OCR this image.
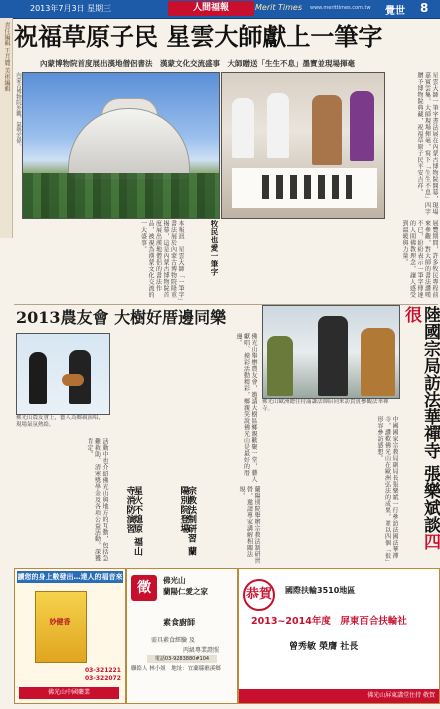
2013年7月3日 星期三	人間福報	Merit Times www.merittimes.com.tw 覺世 8
責任編輯 王月麗 美術編輯 祝福草原子民 星雲大師獻上一筆字
內蒙博物院首度展出漢地僧侶書法　漢蒙文化交流盛事　大師贈送「生生不息」墨寶並現場揮毫
內蒙古博物院外觀，氣勢宏偉。	星雲大師一筆字書法展在內蒙古博物院開幕，現場嘉賓雲集，大師現場揮毫，寫下「生生不息」四字贈予博物院典藏，祝福草原子民平安吉祥。
本報訊　星雲大師「一筆字」書法展於內蒙古博物院隆重揭幕，這是內蒙古博物院首度展出漢地僧侶的書法作品，被視為漢蒙文化交流的一大盛事。	牧民也愛一筆字	展覽期間，許多牧民專程前來參觀，對大師的書法讚嘆不已，紛紛表示一筆字傳達的人間佛教理念，讓人感受到溫暖與力量。
2013農友會 大樹好厝邊同樂
佛光山農友會上，藝人為鄉親演唱，現場氣氛熱絡。	佛光山舉辦農友會，邀請大樹區鄉親歡聚一堂，藝人獻唱、摸彩活動精彩，鄉親笑說佛光山是最好的厝邊。
活動中也介紹佛光山與地方的互動，包括急難救助、清寒獎學金及各項公益活動，深獲肯定。
星火不熄原 福山寺消防演習	宗教法制研習 蘭陽別院登場	蘭陽別院舉辦宗教法制研習營，邀請專家講解相關法規。
佛光山歐洲總住持滿謙法師陪同來訪貴賓參觀法華禪寺。	陸國宗局訪法華禪寺 張樂斌談四很
中國國家宗教局副局長張樂斌一行參訪法國法華禪寺，讚歎佛光山在歐洲弘法的成果，並以四個「很」形容參訪感想。
讀您的身上數發出…達人的福音來
妙健香
03-321221 03-322072
佛光山中國藥業
徵	佛光山
蘭陽仁愛之家
素食廚師
需具素食經驗 及
丙級專業證照
電話03-9283880#104
聯絡人 林小姐　地址：宜蘭縣礁溪鄉
恭賀	國際扶輪3510地區
2013~2014年度　屏東百合扶輪社
曾秀敏 榮膺 社長
佛光山屏東講堂住持 敬賀
